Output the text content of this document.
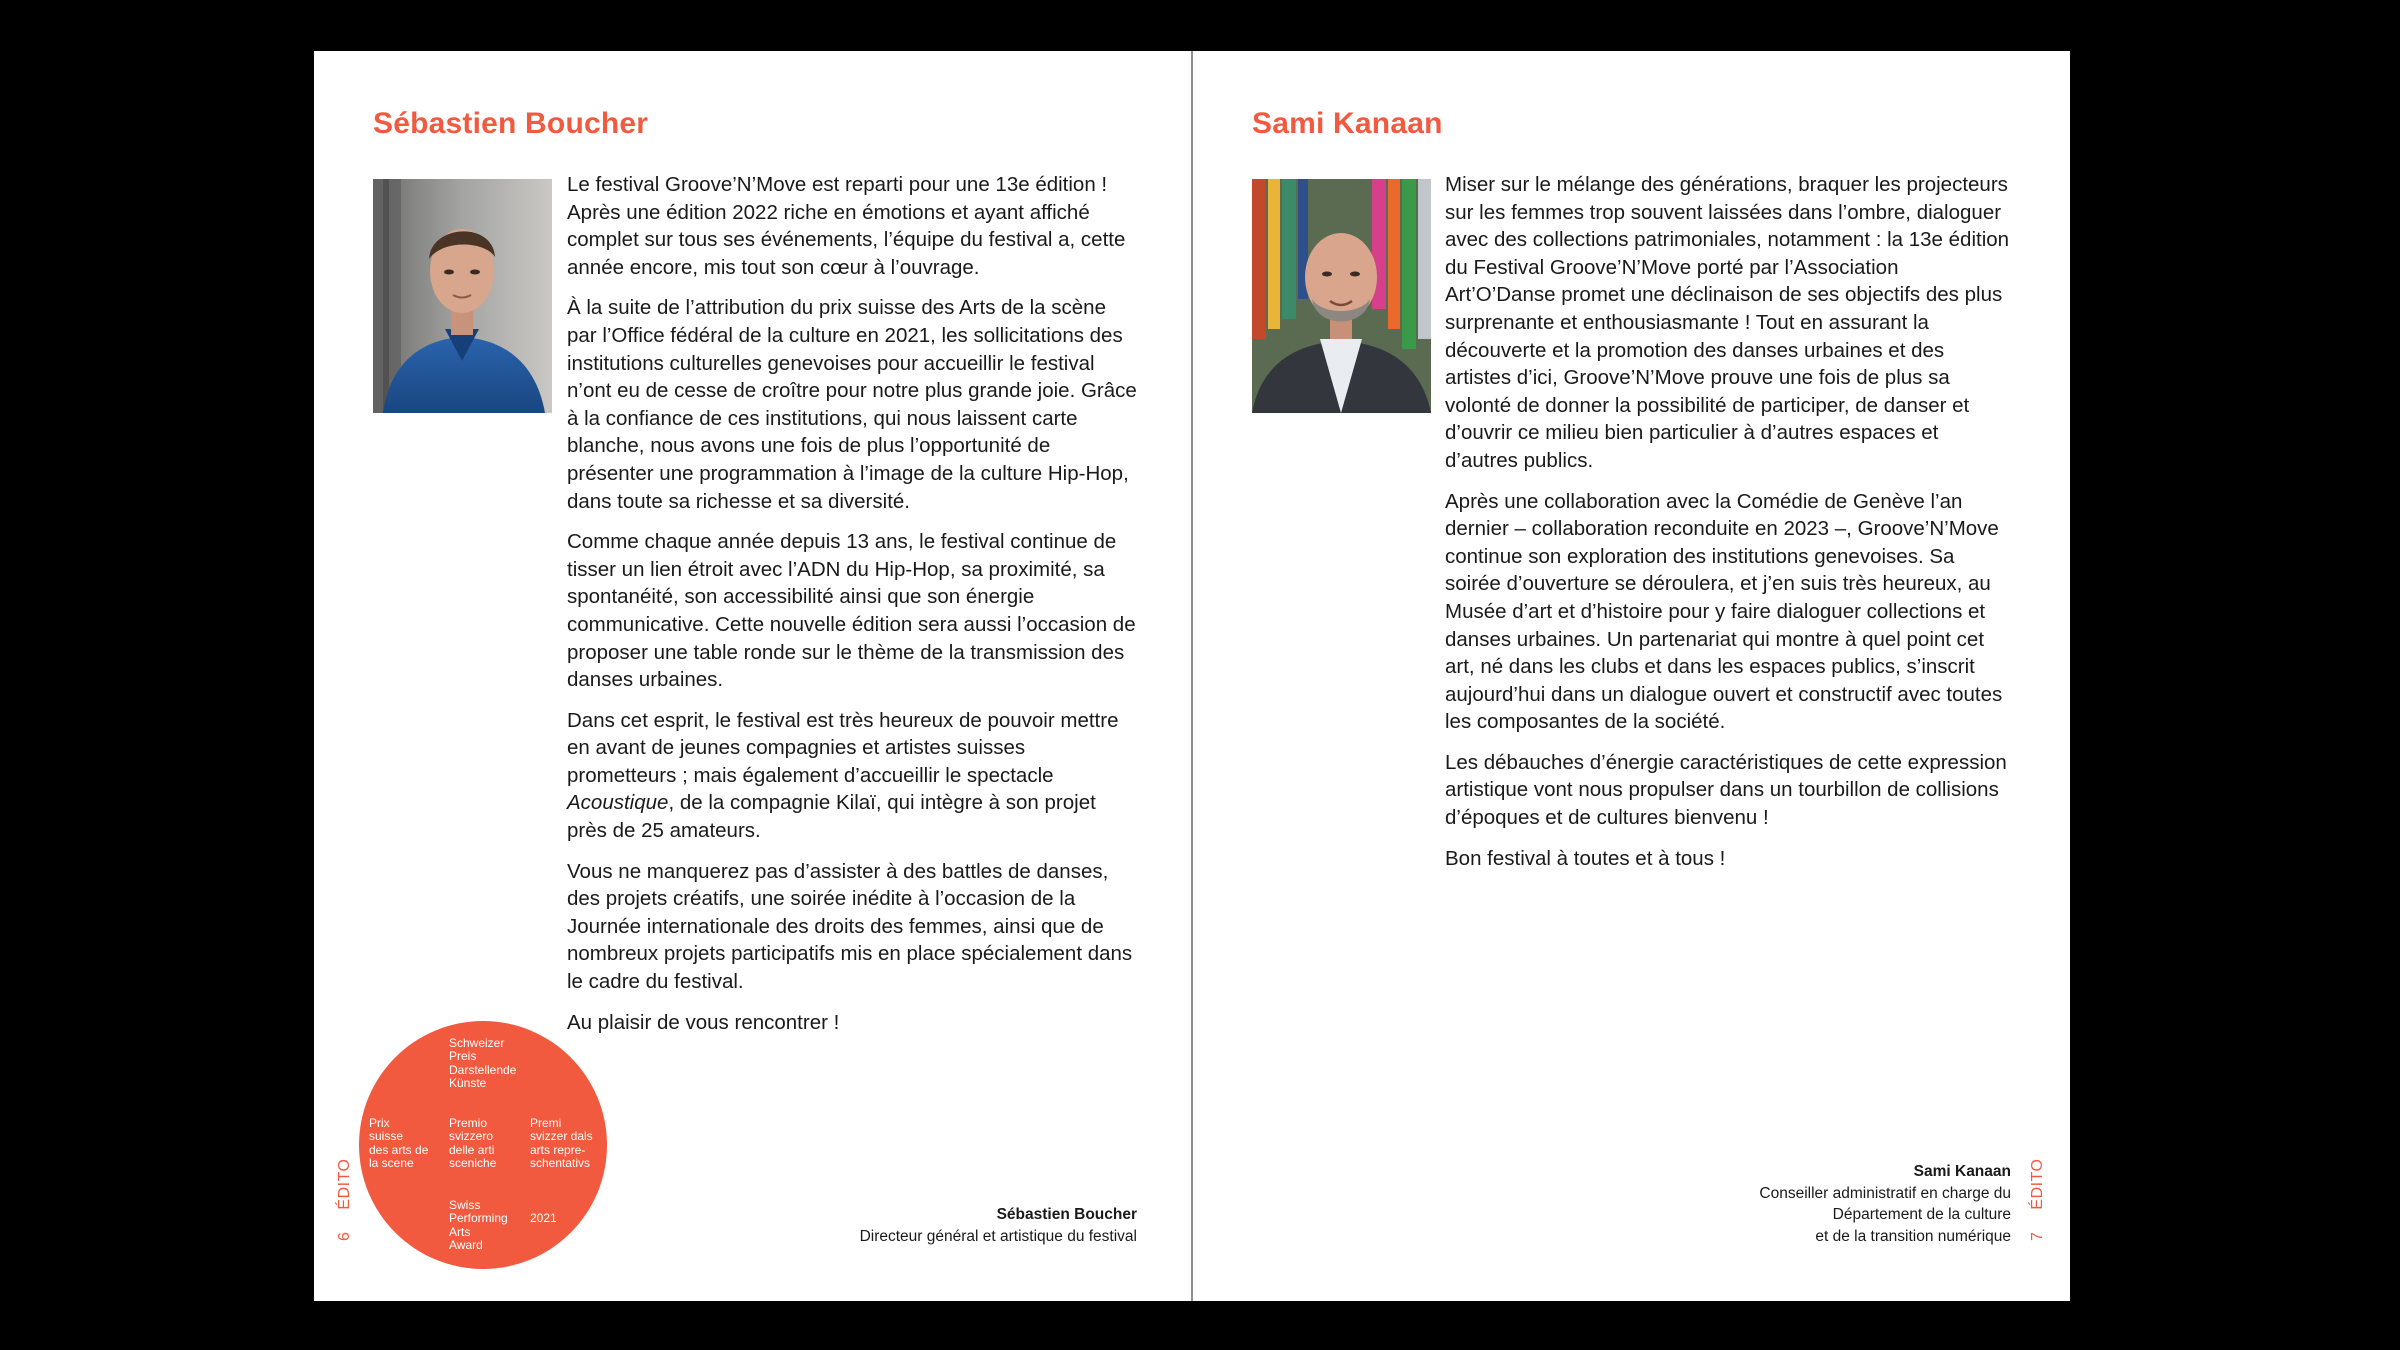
Sébastien Boucher

Le festival Groove’N’Move est reparti pour une 13e édition ! Après une édition 2022 riche en émotions et ayant affiché complet sur tous ses événements, l’équipe du festival a, cette année encore, mis tout son cœur à l’ouvrage.

À la suite de l’attribution du prix suisse des Arts de la scène par l’Office fédéral de la culture en 2021, les sollicitations des institutions culturelles genevoises pour accueillir le festival n’ont eu de cesse de croître pour notre plus grande joie. Grâce à la confiance de ces institutions, qui nous laissent carte blanche, nous avons une fois de plus l’opportunité de présenter une programmation à l’image de la culture Hip-Hop, dans toute sa richesse et sa diversité.

Comme chaque année depuis 13 ans, le festival continue de tisser un lien étroit avec l’ADN du Hip-Hop, sa proximité, sa spontanéité, son accessibilité ainsi que son énergie communicative. Cette nouvelle édition sera aussi l’occasion de proposer une table ronde sur le thème de la transmission des danses urbaines.

Dans cet esprit, le festival est très heureux de pouvoir mettre en avant de jeunes compagnies et artistes suisses prometteurs ; mais également d’accueillir le spectacle Acoustique, de la compagnie Kilaï, qui intègre à son projet près de 25 amateurs.

Vous ne manquerez pas d’assister à des battles de danses, des projets créatifs, une soirée inédite à l’occasion de la Journée internationale des droits des femmes, ainsi que de nombreux projets participatifs mis en place spécialement dans le cadre du festival.

Au plaisir de vous rencontrer !

Schweizer
Preis
Darstellende
Künste
Prix
suisse
des arts de
la scene
Premio
svizzero
delle arti
sceniche
Premi
svizzer dals
arts repre-
schentativs
Swiss
Performing
Arts
Award
2021	Sébastien Boucher
Directeur général et artistique du festival
6ÉDITO
Sami Kanaan

Miser sur le mélange des générations, braquer les projecteurs sur les femmes trop souvent laissées dans l’ombre, dialoguer avec des collections patrimoniales, notamment : la 13e édition du Festival Groove’N’Move porté par l’Association Art’O’Danse promet une déclinaison de ses objectifs des plus surprenante et enthousiasmante ! Tout en assurant la découverte et la promotion des danses urbaines et des artistes d’ici, Groove’N’Move prouve une fois de plus sa volonté de donner la possibilité de participer, de danser et d’ouvrir ce milieu bien particulier à d’autres espaces et d’autres publics.

Après une collaboration avec la Comédie de Genève l’an dernier – collaboration reconduite en 2023 –, Groove’N’Move continue son exploration des institutions genevoises. Sa soirée d’ouverture se déroulera, et j’en suis très heureux, au Musée d’art et d’histoire pour y faire dialoguer collections et danses urbaines. Un partenariat qui montre à quel point cet art, né dans les clubs et dans les espaces publics, s’inscrit aujourd’hui dans un dialogue ouvert et constructif avec toutes les composantes de la société.

Les débauches d’énergie caractéristiques de cette expression artistique vont nous propulser dans un tourbillon de collisions d’époques et de cultures bienvenu !

Bon festival à toutes et à tous !

Sami Kanaan
Conseiller administratif en charge du
Département de la culture
et de la transition numérique 7ÉDITO
